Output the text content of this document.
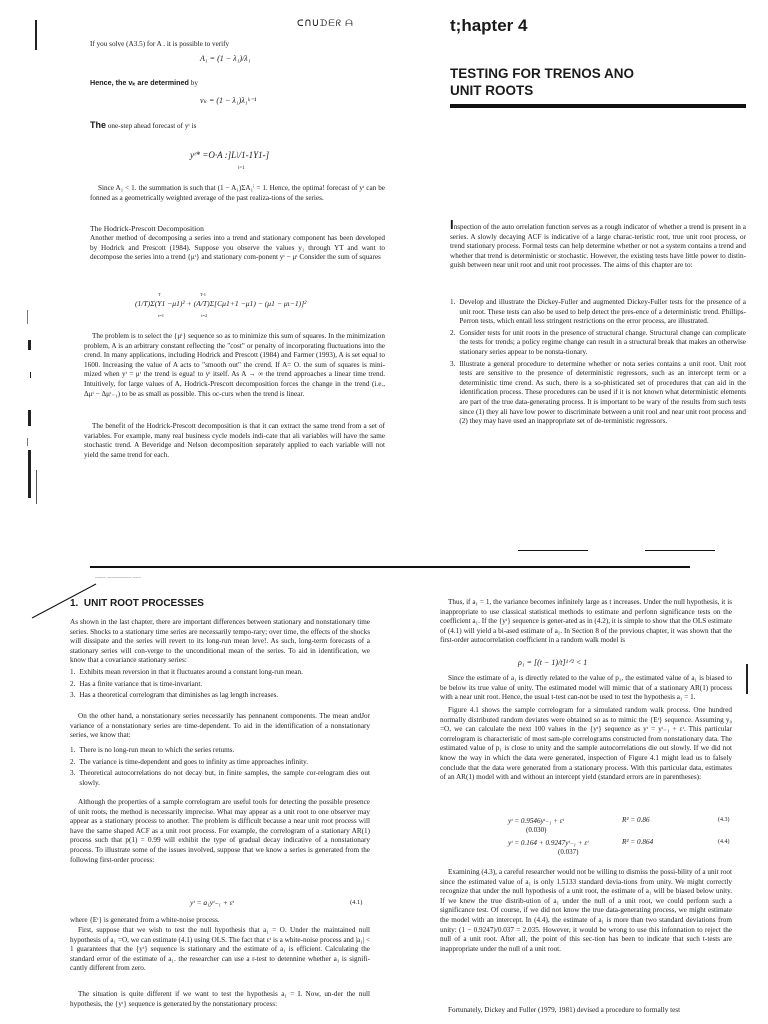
ᑕᑎᑌᗪᗴᖇ ᗩ
If you solve (A3.5) for A . it is possible to verify
A₁ = (1 − λ₁)/λ₁
Hence, the vₖ are determined by
vₖ = (1 − λ₁)λ₁ᵏ⁻¹
The one-step ahead forecast of yᵗ is
yᵗ* =O·A :]L\/1-1Y1-]
i=1
Since A₁ < 1. the summation is such that (1 − A₁)ΣA₁ⁱ = 1. Hence, the optima! forecast of yᵗ can be fonned as a geometrically weighted average of the past realiza-tions of the series.
The Hodrick-Prescott Decomposition
Another method of decomposing a series into a trend and stationary component has been developed by Hodrick and Prescott (1984). Suppose you observe the values y₁ through YT and want to decompose the series into a trend {μᵗ} and stationary com-ponent yᵗ − μᵗ Consider the sum of squares
T                                   T-1
(1/T)Σ(Y1 −μ1)² + (A/T)Σ[Cμ1+1 −μ1) − (μ1 − μι−1)]²
t=1                                 t=2
The problem is to select the {μᵗ} sequence so as to minimize this sum of squares. In the minimization problem, A is an arbitrary constant reflecting the "cost" or penalty of incorporating fluctuations into the crend. In many applications, including Hodrick and Prescott (1984) and Farmer (1993), A is set equal to 1600. Increasing the value of A acts to "smooth out" the crend. If A= O. the sum of squares is mini-mized when yᵗ = μᵗ the trend is egua! to yᵗ itself. As A → ∞ the trend approaches a linear time trend. Intuitively, for large values of A, Hodrick-Prescott decomposition forces the change in the trend (i.e., Δμᵗ − Δμᵗ₋₁) to be as small as possible. This oc-curs when the trend is linear.
The benefit of the Hodrick-Prescott decomposition is that it can extract the same trend from a set of variables. For example, many real business cycle models indi-cate that ali variables will have the same stochastic trend. A Beveridge and Nelson decomposition separately applied to each variable will not yield the same trend for each.
t;hapter 4
TESTING FOR TRENOS ANO
UNIT ROOTS
Inspection of the auto orrelation function serves as a rough indicator of whether a trend is present in a series. A slowly decaying ACF is indicative of a large charac-teristic root, true unit root process, or trend stationary process. Formal tests can help determine whether or not a system contains a trend and whether that trend is deterministic or stochastic. However, the existing tests have little power to distin-guish between near unit root and unit root processes. The aims of this chapter are to:
1. Develop and illustrate the Dickey-Fuller and augmented Dickey-Fuller tests for the presence of a unit root. These tests can also be used to help detect the pres-ence of a deterministic trend. Phillips-Perron tests, which entail less stringent restrictions on the error process, are illustrated.
2. Consider tests for unit roots in the presence of structural change. Structural change can complicate the tests for trends; a policy regime change can result in a structural break that makes an otherwise stationary series appear to be nonsta-tionary.
3. Illustrate a general procedure to determine whether or nota series contains a unit root. Unit root tests are sensitive to the presence of deterministic regressors, such as an intercept term or a deterministic time crend. As such, there is a so-phisticated set of procedures that can aid in the identification process. These procedures can be used if it is not known what deterministic elements are part of the true data-generating process. It is important to be wary of the results from such tests since (1) they ali have low power to discriminate between a unit rool and near unit root process and (2) they may have used an inappropriate set of de-terministic regressors.
~~~~ ~~~~~~~~~ ~~~
1.  UNIT ROOT PROCESSES
As shown in the last chapter, there are important differences between stationary and nonstationary time series. Shocks to a stationary time series are necessarily tempo-rary; over time, the effects of the shocks will dissipate and the series will revert to its long-run mean leve!. As such, long-term forecasts of a stationary series will con-verge to the unconditional mean of the series. To aid in identification, we know that a covariance stationary series:
1. Exhibits mean reversion in that it fluctuates around a constant long-run mean.
2. Has a finite variance that is time-invariant.
3. Has a theoretical correlogram that diminishes as lag length increases.
On the other hand, a nonstationary series necessarily has pennanent components. The mean andJor variance of a nonstationary series are time-dependent. To aid in the identification of a nonstationary series, we know that:
1. There is no long-run mean to which the series retums.
2. The variance is time-dependent and goes to infinity as time approaches infinity.
3. Theoretical autocorrelations do not decay but, in finite samples, the sample cor-relogram dies out slowly.
Although the properties of a sample correlogram are useful tools for detecting the possible presence of unit roots, the method is necessarily imprecise. What may appear as a unit root to one observer may appear as a stationary process to another. The problem is difficult because a near unit root process will have the same shaped ACF as a unit root process. For example, the correlogram of a stationary AR(1) process such that p(1) = 0.99 will exhibit the type of gradual decay indicative of a nonstationary process. To illustrate some of the issues involved, suppose that we know a series is generated from the following first-order process:
yᵗ = a₁yᵗ₋₁ + εᵗ	(4.1)
where {Eᵗ} is generated from a white-noise process.
First, suppose that we wish to test the null hypothesis that a₁ = O. Under the maintained null hypothesis of a₁ =O, we can estimate (4.1) using OLS. The fact that εᵗ is a white-noise process and |a₁| < 1 guarantees that the {yᵗ} sequence is stationary and the estimate of a₁ is efficient. Calculating the standard error of the estimate of a₁. the researcher can use a r-test to detennine whether a₁ is signifi-cantly different from zero.
The situation is quite different if we want to test the hypothesis a₁ = I. Now, un-der the null hypothesis, the {yᵗ} sequence is generated by the nonstationary process:
Thus, if a₁ = 1, the variance becomes infinitely large as t increases. Under the null hypothesis, it is inappropriate to use classical statistical methods to estimate and perfonn significance tests on the coefficient a₁. If the {yᵗ} sequence is gener-ated as in (4.2), it is simple to show that the OLS estimate of (4.1) will yield a bi-ased estimate of a₁. In Section 8 of the previous chapter, it was shown that the first-order autocorrelation coefficient in a random walk model is
ρ₁ = [(t − 1)/t]¹ᐟ² < 1
Since the estimate of a₁ is directly related to the value of p₁, the estimated value of a₁ is biased to be below its true value of unity. The estimated model will mimic that of a stationary AR(1) process with a near unit root. Hence, the usual t-test can-not be used to test the hypothesis a₁ = 1.
Figure 4.1 shows the sample correlogram for a simulated random walk process. One hundred normally distributed random deviates were obtained so as to mimic the {Eᵗ} sequence. Assuming y₀ =O, we can calculate the next 100 values in the {yᵗ} sequence as yᵗ = yᵗ₋₁ + εᵗ. This particular correlogram is characteristic of most sam-ple correlograms constructed from nonstationary data. The estimated value of p₁ is close to unity and the sample autocorrelations die out slowly. If we did not know the way in which the data were generated, inspection of Figure 4.1 might lead us to falsely conclude that the data were generated from a stationary process. With this particular data, estimates of an AR(1) model with and without an intercept yield (standard errors are in parentheses):
yᵗ = 0.9546yᵗ₋₁ + εᵗ
(0.030)
R² = 0.86	(4.3)
yᵗ = 0.164 + 0.9247yᵗ₋₁ + εᵗ
(0.037)
R² = 0.864	(4.4)
Examining (4.3), a careful researcher would not be willing to dismiss the possi-bility of a unit root since the estimated value of a₁ is only 1.5133 standard devia-tions from unity. We might correctly recognize that under the null hypothesis of a unit root, the estimate of a₁ will be biased below unity. If we knew the true distrib-ution of a₁ under the null of a unit root, we could perfonn such a significance test. Of course, if we did not know the true data-generating process, we might estimate the model with an intercept. In (4.4), the estimate of a₁ is more than two standard deviations from unity: (1 − 0.9247)/0.037 = 2.035. However, it would be wrong to use this infonnation to reject the null of a unit root. After all, the point of this sec-tion has been to indicate that such t-tests are inappropriate under the null of a unit root.
Fortunately, Dickey and Fuller (1979, 1981) devised a procedure to formally test
